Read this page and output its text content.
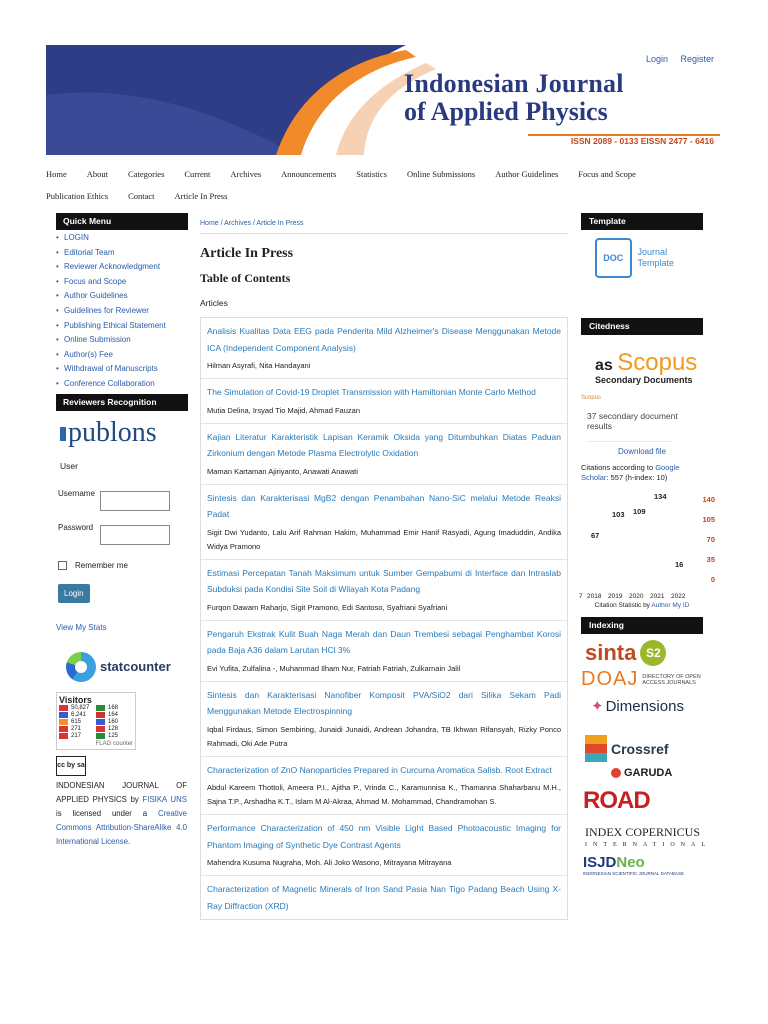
Login Register
Indonesian Journal
of Applied Physics
ISSN 2089 - 0133 EISSN 2477 - 6416
Home About Categories Current Archives Announcements Statistics Online Submissions Author Guidelines Focus and Scope
Publication Ethics Contact Article In Press
Quick Menu
• LOGIN
• Editorial Team
• Reviewer Acknowledgment
• Focus and Scope
• Author Guidelines
• Guidelines for Reviewer
• Publishing Ethical Statement
• Online Submission
• Author(s) Fee
• Withdrawal of Manuscripts
• Conference Collaboration
Reviewers Recognition
publons
User
Username
Password
Remember me
Login
View My Stats
statcounter
Visitors
50,827	168
6,241	164
615	160
271	128
217	125
FLAG counter
cc by sa
INDONESIAN JOURNAL OF APPLIED PHYSICS by FISIKA UNS is licensed under a Creative Commons Attribution-ShareAlike 4.0 International License.
Home / Archives / Article In Press
Article In Press
Table of Contents
Articles
Analisis Kualitas Data EEG pada Penderita Mild Alzheimer's Disease Menggunakan Metode ICA (Independent Component Analysis)
Hilman Asyrafi, Nita Handayani
The Simulation of Covid-19 Droplet Transmission with Hamiltonian Monte Carlo Method
Mutia Delina, Irsyad Tio Majid, Ahmad Fauzan
Kajian Literatur Karakteristik Lapisan Keramik Oksida yang Ditumbuhkan Diatas Paduan Zirkonium dengan Metode Plasma Electrolytic Oxidation
Maman Kartaman Ajiriyanto, Anawati Anawati
Sintesis dan Karakterisasi MgB2 dengan Penambahan Nano-SiC melalui Metode Reaksi Padat
Sigit Dwi Yudanto, Lalu Arif Rahman Hakim, Muhammad Emir Hanif Rasyadi, Agung Imaduddin, Andika Widya Pramono
Estimasi Percepatan Tanah Maksimum untuk Sumber Gempabumi di Interface dan Intraslab Subduksi pada Kondisi Site Soil di Wilayah Kota Padang
Furqon Dawam Raharjo, Sigit Pramono, Edi Santoso, Syafriani Syafriani
Pengaruh Ekstrak Kulit Buah Naga Merah dan Daun Trembesi sebagai Penghambat Korosi pada Baja A36 dalam Larutan HCl 3%
Evi Yufita, Zulfalina -, Muhammad Ilham Nur, Fatriah Fatriah, Zulkarnain Jalil
Sintesis dan Karakterisasi Nanofiber Komposit PVA/SiO2 dari Silika Sekam Padi Menggunakan Metode Electrospinning
Iqbal Firdaus, Simon Sembiring, Junaidi Junaidi, Andrean Johandra, TB Ikhwan Rifansyah, Rizky Ponco Rahmadi, Oki Ade Putra
Characterization of ZnO Nanoparticles Prepared in Curcuma Aromatica Salisb. Root Extract
Abdul Kareem Thottoli, Ameera P.I., Ajitha P., Vrinda C., Karamunnisa K., Thamanna Shaharbanu M.H., Sajna T.P., Arshadha K.T., Islam M Al-Akraa, Ahmad M. Mohammad, Chandramohan S.
Performance Characterization of 450 nm Visible Light Based Photoacoustic Imaging for Phantom Imaging of Synthetic Dye Contrast Agents
Mahendra Kusuma Nugraha, Moh. Ali Joko Wasono, Mitrayana Mitrayana
Characterization of Magnetic Minerals of Iron Sand Pasia Nan Tigo Padang Beach Using X-Ray Diffraction (XRD)
Template
DOC
Journal Template
Citedness
as Scopus
Secondary Documents
Scopus
37 secondary document results
————————————————————————
Download file
Citations according to Google Scholar: 557 (h-index: 10)
0
35
70
105
140
7 2018 2019 2020 2021 2022
67
103 109
134
16
Citation Statistic by Author My ID
Indexing
sinta S2
DOAJ DIRECTORY OF OPEN ACCESS JOURNALS
✦ Dimensions
Crossref
GARUDA
ROAD
INDEX COPERNICUS
INTERNATIONAL
ISJDNeo
INDONESIAN SCIENTIFIC JOURNAL DATABASE
